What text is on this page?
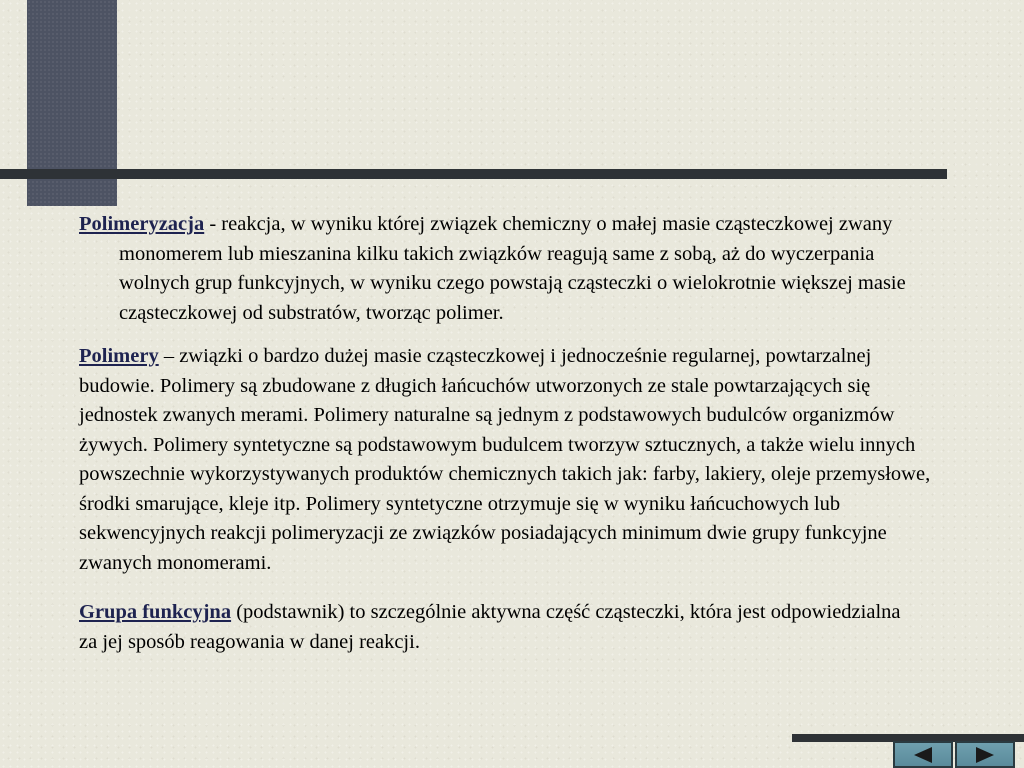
Polimeryzacja - reakcja, w wyniku której związek chemiczny o małej masie cząsteczkowej zwany monomerem lub mieszanina kilku takich związków reagują same z sobą, aż do wyczerpania wolnych grup funkcyjnych, w wyniku czego powstają cząsteczki o wielokrotnie większej masie cząsteczkowej od substratów, tworząc polimer.

Polimery – związki o bardzo dużej masie cząsteczkowej i jednocześnie regularnej, powtarzalnej budowie. Polimery są zbudowane z długich łańcuchów utworzonych ze stale powtarzających się jednostek zwanych merami. Polimery naturalne są jednym z podstawowych budulców organizmów żywych. Polimery syntetyczne są podstawowym budulcem tworzyw sztucznych, a także wielu innych powszechnie wykorzystywanych produktów chemicznych takich jak: farby, lakiery, oleje przemysłowe, środki smarujące, kleje itp. Polimery syntetyczne otrzymuje się w wyniku łańcuchowych lub sekwencyjnych reakcji polimeryzacji ze związków posiadających minimum dwie grupy funkcyjne zwanych monomerami.

Grupa funkcyjna (podstawnik) to szczególnie aktywna część cząsteczki, która jest odpowiedzialna za jej sposób reagowania w danej reakcji.
